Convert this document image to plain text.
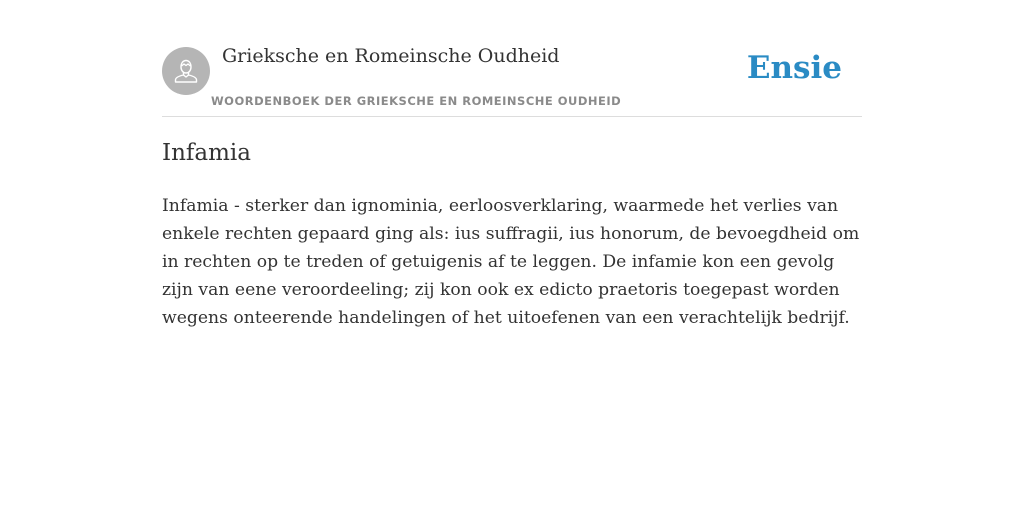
Grieksche en Romeinsche Oudheid
WOORDENBOEK DER GRIEKSCHE EN ROMEINSCHE OUDHEID
Ensie
Infamia

Infamia - sterker dan ignominia, eerloosverklaring, waarmede het verlies van enkele rechten gepaard ging als: ius suffragii, ius honorum, de bevoegdheid om in rechten op te treden of getuigenis af te leggen. De infamie kon een gevolg zijn van eene veroordeeling; zij kon ook ex edicto praetoris toegepast worden wegens onteerende handelingen of het uitoefenen van een verachtelijk bedrijf.
